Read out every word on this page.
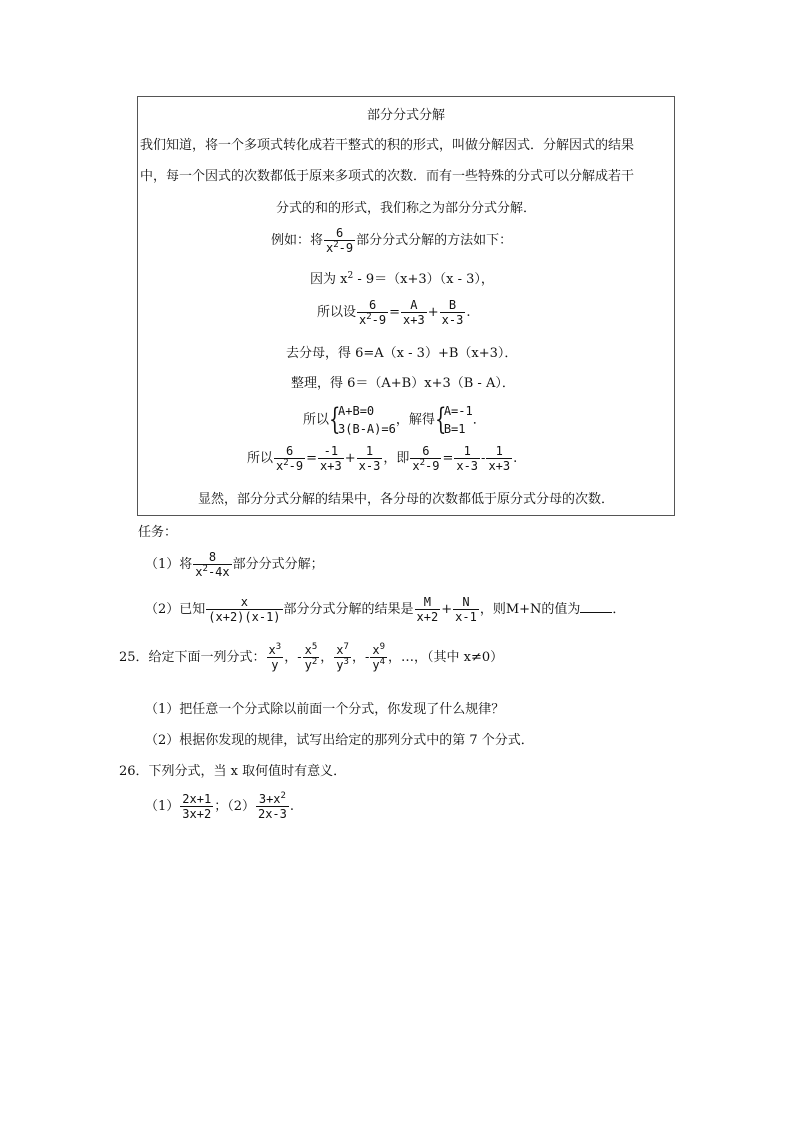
部分分式分解
我们知道，将一个多项式转化成若干整式的积的形式，叫做分解因式．分解因式的结果
中，每一个因式的次数都低于原来多项式的次数．而有一些特殊的分式可以分解成若干
分式的和的形式，我们称之为部分分式分解．
例如：将 $\frac{6}{x^2-9}$ 部分分式分解的方法如下：
因为 $x^2 - 9=(x+3)(x - 3)$，
所以设 $\frac{6}{x^2-9} = \frac{A}{x+3} + \frac{B}{x-3}$ .
去分母，得 6=A（x - 3）+B（x+3）．
整理，得 6＝（A+B）x+3（B - A）．
所以 {
A+B=0
3(B-A)=6
，解得 {
A=-1
B=1
．
所以 $\frac{6}{x^2-9} = \frac{-1}{x+3} + \frac{1}{x-3}$ ，即 $\frac{6}{x^2-9} = \frac{1}{x-3} - \frac{1}{x+3}$ .
显然，部分分式分解的结果中，各分母的次数都低于原分式分母的次数．
任务：
（1）将 $\frac{8}{x^2-4x}$ 部分分式分解；
（2）已知 $\frac{x}{(x+2)(x-1)}$ 部分分式分解的结果是 $\frac{M}{x+2} + \frac{N}{x-1}$ ，则M+N的值为 ．
25．给定下面一列分式： $\frac{x^3}{y}$ ，- $\frac{x^5}{y^2}$ ， $\frac{x^7}{y^3}$ ，- $\frac{x^9}{y^4}$ ，…，（其中 x≠0）
（1）把任意一个分式除以前面一个分式，你发现了什么规律？
（2）根据你发现的规律，试写出给定的那列分式中的第 7 个分式．
26．下列分式，当 x 取何值时有意义．
$(1) \frac{2x+1}{3x+2}$ ；$(2) \frac{3+x^2}{2x-3}$ .
